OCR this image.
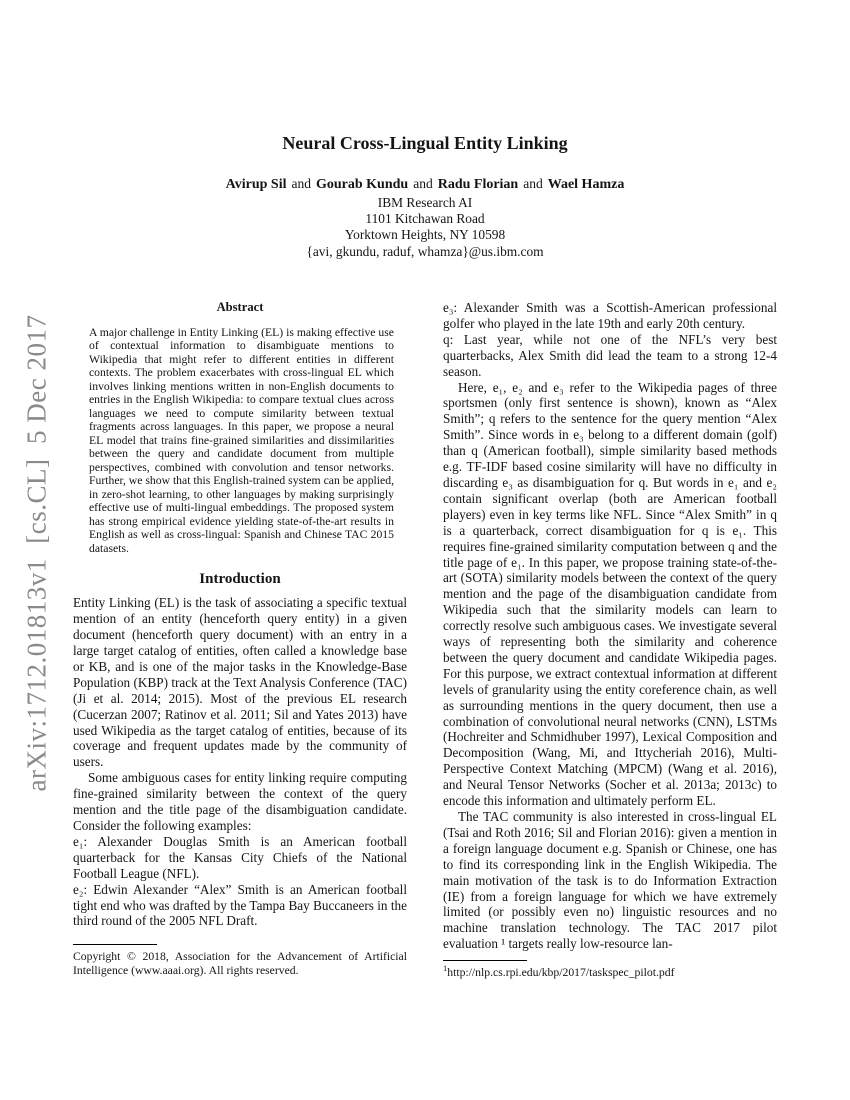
arXiv:1712.01813v1  [cs.CL]  5 Dec 2017
Neural Cross-Lingual Entity Linking
Avirup Sil and Gourab Kundu and Radu Florian and Wael Hamza
IBM Research AI
1101 Kitchawan Road
Yorktown Heights, NY 10598
{avi, gkundu, raduf, whamza}@us.ibm.com
Abstract

A major challenge in Entity Linking (EL) is making effective use of contextual information to disambiguate mentions to Wikipedia that might refer to different entities in different contexts. The problem exacerbates with cross-lingual EL which involves linking mentions written in non-English documents to entries in the English Wikipedia: to compare textual clues across languages we need to compute similarity between textual fragments across languages. In this paper, we propose a neural EL model that trains fine-grained similarities and dissimilarities between the query and candidate document from multiple perspectives, combined with convolution and tensor networks. Further, we show that this English-trained system can be applied, in zero-shot learning, to other languages by making surprisingly effective use of multi-lingual embeddings. The proposed system has strong empirical evidence yielding state-of-the-art results in English as well as cross-lingual: Spanish and Chinese TAC 2015 datasets.

Introduction

Entity Linking (EL) is the task of associating a specific textual mention of an entity (henceforth query entity) in a given document (henceforth query document) with an entry in a large target catalog of entities, often called a knowledge base or KB, and is one of the major tasks in the Knowledge-Base Population (KBP) track at the Text Analysis Conference (TAC) (Ji et al. 2014; 2015). Most of the previous EL research (Cucerzan 2007; Ratinov et al. 2011; Sil and Yates 2013) have used Wikipedia as the target catalog of entities, because of its coverage and frequent updates made by the community of users.

Some ambiguous cases for entity linking require computing fine-grained similarity between the context of the query mention and the title page of the disambiguation candidate. Consider the following examples:

e₁: Alexander Douglas Smith is an American football quarterback for the Kansas City Chiefs of the National Football League (NFL).

e₂: Edwin Alexander “Alex” Smith is an American football tight end who was drafted by the Tampa Bay Buccaneers in the third round of the 2005 NFL Draft.

Copyright © 2018, Association for the Advancement of Artificial Intelligence (www.aaai.org). All rights reserved.

e₃: Alexander Smith was a Scottish-American professional golfer who played in the late 19th and early 20th century.

q: Last year, while not one of the NFL’s very best quarterbacks, Alex Smith did lead the team to a strong 12-4 season.

Here, e₁, e₂ and e₃ refer to the Wikipedia pages of three sportsmen (only first sentence is shown), known as “Alex Smith”; q refers to the sentence for the query mention “Alex Smith”. Since words in e₃ belong to a different domain (golf) than q (American football), simple similarity based methods e.g. TF-IDF based cosine similarity will have no difficulty in discarding e₃ as disambiguation for q. But words in e₁ and e₂ contain significant overlap (both are American football players) even in key terms like NFL. Since “Alex Smith” in q is a quarterback, correct disambiguation for q is e₁. This requires fine-grained similarity computation between q and the title page of e₁. In this paper, we propose training state-of-the-art (SOTA) similarity models between the context of the query mention and the page of the disambiguation candidate from Wikipedia such that the similarity models can learn to correctly resolve such ambiguous cases. We investigate several ways of representing both the similarity and coherence between the query document and candidate Wikipedia pages. For this purpose, we extract contextual information at different levels of granularity using the entity coreference chain, as well as surrounding mentions in the query document, then use a combination of convolutional neural networks (CNN), LSTMs (Hochreiter and Schmidhuber 1997), Lexical Composition and Decomposition (Wang, Mi, and Ittycheriah 2016), Multi-Perspective Context Matching (MPCM) (Wang et al. 2016), and Neural Tensor Networks (Socher et al. 2013a; 2013c) to encode this information and ultimately perform EL.

The TAC community is also interested in cross-lingual EL (Tsai and Roth 2016; Sil and Florian 2016): given a mention in a foreign language document e.g. Spanish or Chinese, one has to find its corresponding link in the English Wikipedia. The main motivation of the task is to do Information Extraction (IE) from a foreign language for which we have extremely limited (or possibly even no) linguistic resources and no machine translation technology. The TAC 2017 pilot evaluation ¹ targets really low-resource lan-

$^1$http://nlp.cs.rpi.edu/kbp/2017/taskspec_pilot.pdf
